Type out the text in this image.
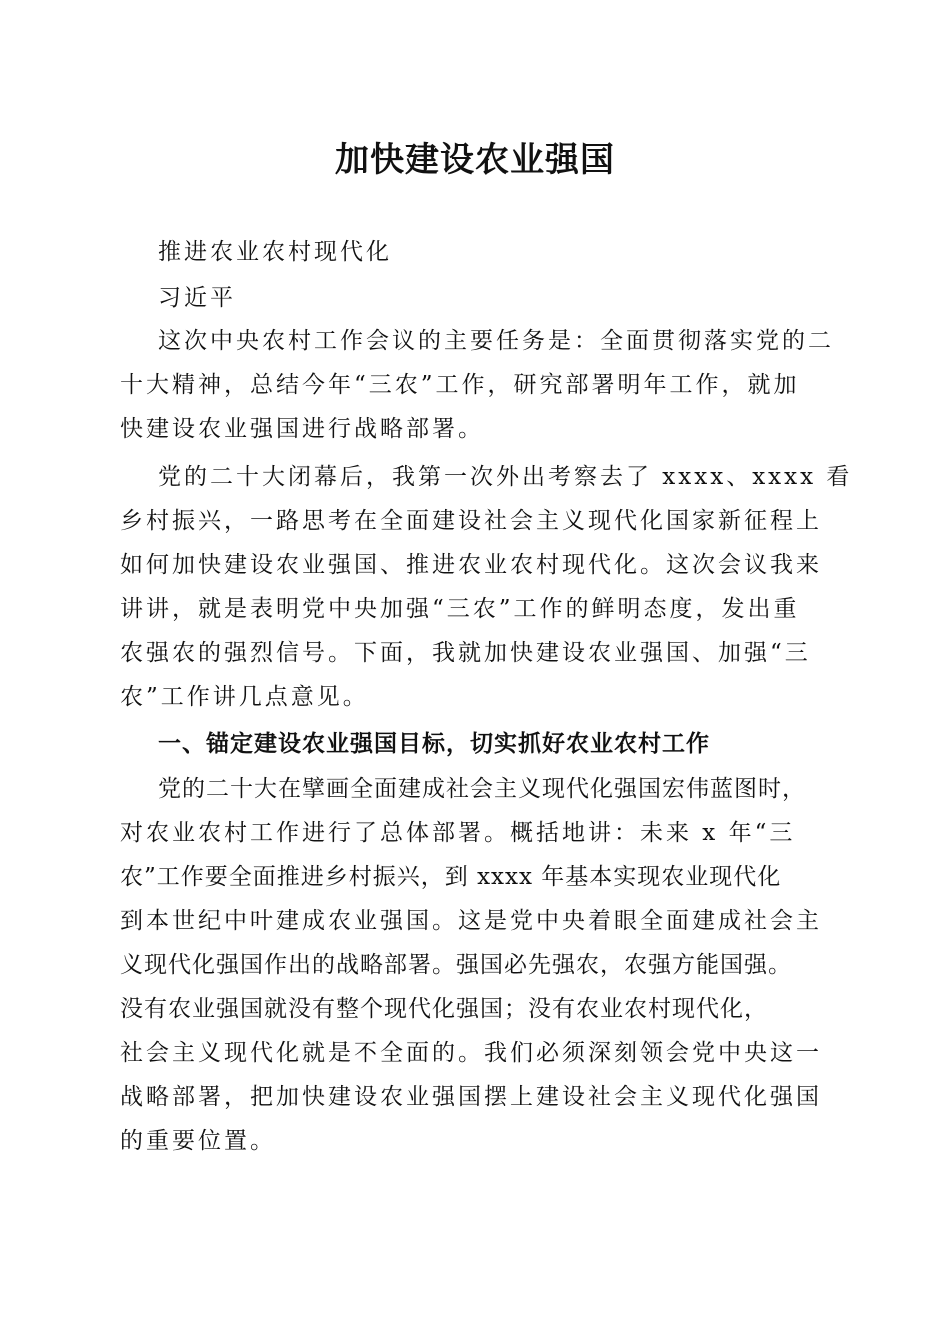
加快建设农业强国
推进农业农村现代化
习近平
这次中央农村工作会议的主要任务是：全面贯彻落实党的二
十大精神，总结今年“三农”工作，研究部署明年工作，就加
快建设农业强国进行战略部署。
党的二十大闭幕后，我第一次外出考察去了 xxxx、xxxx 看
乡村振兴，一路思考在全面建设社会主义现代化国家新征程上
如何加快建设农业强国、推进农业农村现代化。这次会议我来
讲讲，就是表明党中央加强“三农”工作的鲜明态度，发出重
农强农的强烈信号。下面，我就加快建设农业强国、加强“三
农”工作讲几点意见。
一、锚定建设农业强国目标，切实抓好农业农村工作
党的二十大在擘画全面建成社会主义现代化强国宏伟蓝图时，
对农业农村工作进行了总体部署。概括地讲：未来 x 年“三
农”工作要全面推进乡村振兴，到 xxxx 年基本实现农业现代化
到本世纪中叶建成农业强国。这是党中央着眼全面建成社会主
义现代化强国作出的战略部署。强国必先强农，农强方能国强。
没有农业强国就没有整个现代化强国；没有农业农村现代化，
社会主义现代化就是不全面的。我们必须深刻领会党中央这一
战略部署，把加快建设农业强国摆上建设社会主义现代化强国
的重要位置。
